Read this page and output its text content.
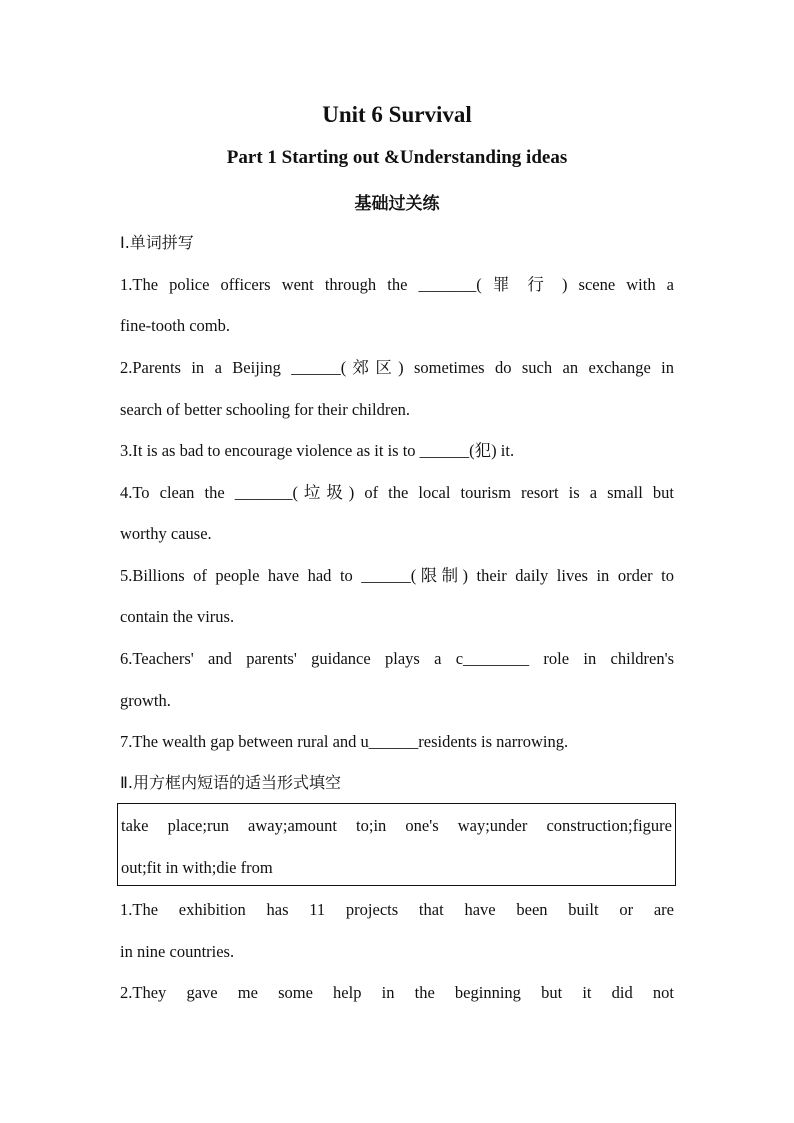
Unit 6 Survival
Part 1 Starting out &Understanding ideas
基础过关练
Ⅰ.单词拼写
1.The police officers went through the _______( 罪 行 ) scene with a
fine-tooth comb.
2.Parents in a Beijing ______(郊区) sometimes do such an exchange in
search of better schooling for their children.
3.It is as bad to encourage violence as it is to ______(犯) it.
4.To clean the _______(垃圾) of the local tourism resort is a small but
worthy cause.
5.Billions of people have had to ______(限制) their daily lives in order to
contain the virus.
6.Teachers' and parents' guidance plays a c________ role in children's
growth.
7.The wealth gap between rural and u______residents is narrowing.
Ⅱ.用方框内短语的适当形式填空
take place;run away;amount to;in one's way;under construction;figure
out;fit in with;die from
1.The exhibition has 11 projects that have been built or are
in nine countries.
2.They gave me some help in the beginning but it did not
